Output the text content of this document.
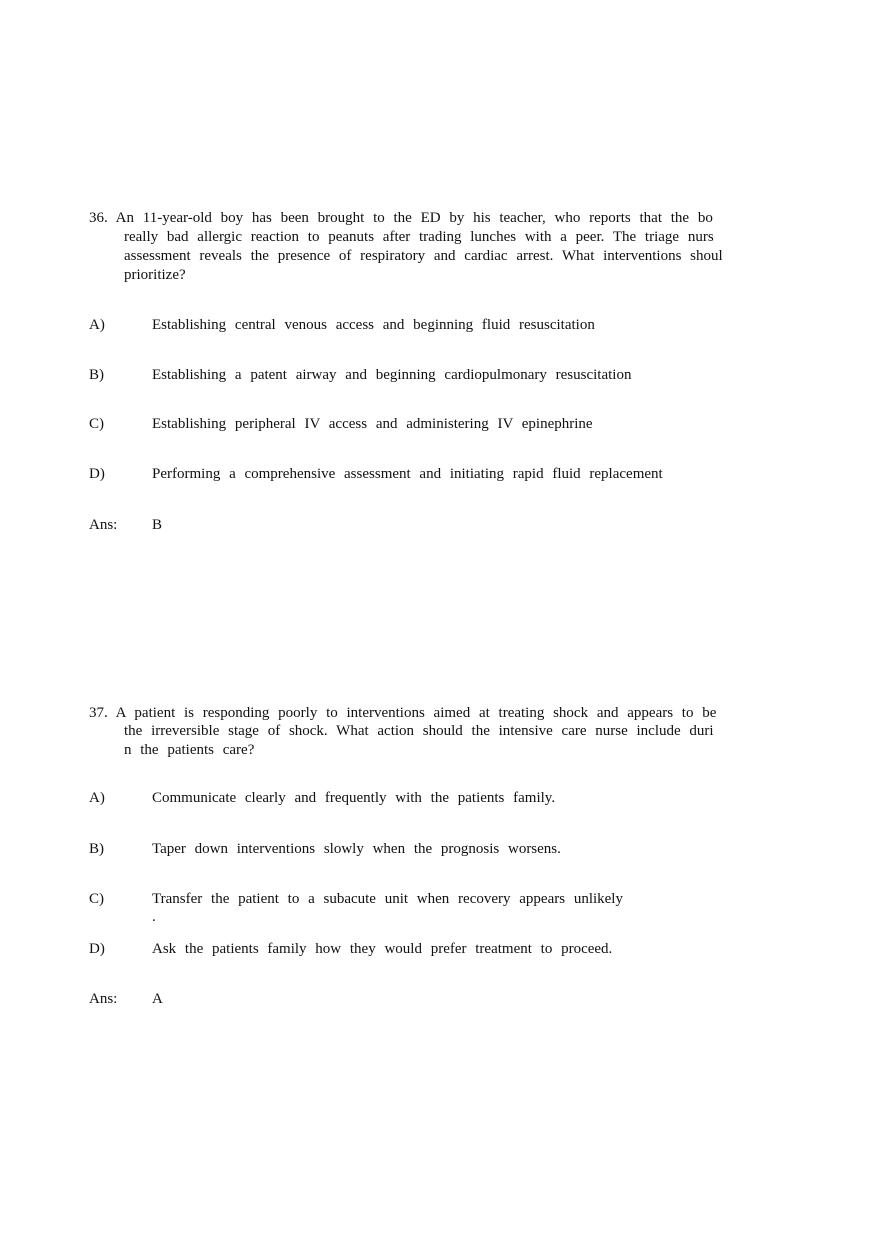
36. An 11-year-old boy has been brought to the ED by his teacher, who reports that the bo
really bad allergic reaction to peanuts after trading lunches with a peer. The triage nurs
assessment reveals the presence of respiratory and cardiac arrest. What interventions shoul
prioritize?
A)	Establishing central venous access and beginning fluid resuscitation
B)	Establishing a patent airway and beginning cardiopulmonary resuscitation
C)	Establishing peripheral IV access and administering IV epinephrine
D)	Performing a comprehensive assessment and initiating rapid fluid replacement
Ans: B
37. A patient is responding poorly to interventions aimed at treating shock and appears to be
the irreversible stage of shock. What action should the intensive care nurse include duri
n the patients care?
A)	Communicate clearly and frequently with the patients family.
B)	Taper down interventions slowly when the prognosis worsens.
C)	Transfer the patient to a subacute unit when recovery appears unlikely
.
D)	Ask the patients family how they would prefer treatment to proceed.
Ans: A
